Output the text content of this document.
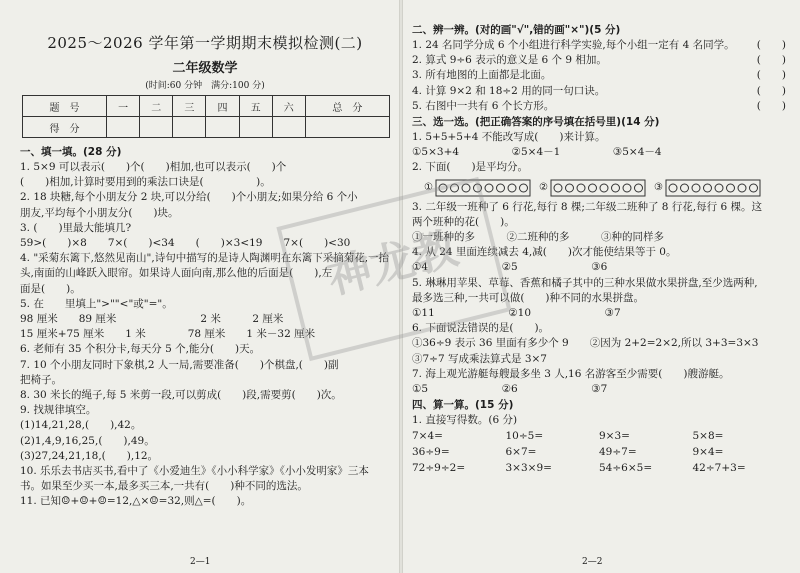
2025～2026 学年第一学期期末模拟检测(二)
二年级数学
(时间:60 分钟　满分:100 分)
题　号	一	二	三	四	五	六	总　分
得　分							
一、填一填。(28 分)
1. 5×9 可以表示(　　)个(　　)相加,也可以表示(　　)个
(　　)相加,计算时要用到的乘法口诀是(　　　　　)。
2. 18 块糖,每个小朋友分 2 块,可以分给(　　)个小朋友;如果分给 6 个小
朋友,平均每个小朋友分(　　)块。
3. (　　)里最大能填几?
59>(　　)×8　　7×(　　)<34　　(　　)×3<19　　7×(　　)<30
4. "采菊东篱下,悠然见南山",诗句中描写的是诗人陶渊明在东篱下采摘菊花,一抬
头,南面的山峰跃入眼帘。如果诗人面向南,那么他的后面是(　　),左
面是(　　)。
5. 在　　里填上">""<"或"="。
98 厘米　　89 厘米　　　　　　　　2 米　　　2 厘米
15 厘米+75 厘米　　1 米　　　　78 厘米　　1 米－32 厘米
6. 老师有 35 个积分卡,每天分 5 个,能分(　　)天。
7. 10 个小朋友同时下象棋,2 人一局,需要准备(　　)个棋盘,(　　)副
把椅子。
8. 30 米长的绳子,每 5 米剪一段,可以剪成(　　)段,需要剪(　　)次。
9. 找规律填空。
(1)14,21,28,(　　),42。
(2)1,4,9,16,25,(　　),49。
(3)27,24,21,18,(　　),12。
10. 乐乐去书店买书,看中了《小爱迪生》《小小科学家》《小小发明家》三本
书。如果至少买一本,最多买三本,一共有(　　)种不同的选法。
11. 已知☺+☺+☺=12,△×☺=32,则△=(　　)。
2—1
二、辨一辨。(对的画"√",错的画"×")(5 分)
1. 24 名同学分成 6 个小组进行科学实验,每个小组一定有 4 名同学。 (　　)
2. 算式 9÷6 表示的意义是 6 个 9 相加。	(　　)
3. 所有地图的上面都是北面。	(　　)
4. 计算 9×2 和 18÷2 用的同一句口诀。	(　　)
5. 右图中一共有 6 个长方形。	(　　)
三、选一选。(把正确答案的序号填在括号里)(14 分)
1. 5+5+5+4 不能改写成(　　)来计算。
①5×3+4　　　　　②5×4－1　　　　　③5×4－4
2. 下面(　　)是平均分。
①	②	③
3. 二年级一班种了 6 行花,每行 8 棵;二年级二班种了 8 行花,每行 6 棵。这
两个班种的花(　　)。
①一班种的多　　　②二班种的多　　　③种的同样多
4. 从 24 里面连续减去 4,减(　　)次才能使结果等于 0。
①4　　　　　　　②5　　　　　　　③6
5. 琳琳用苹果、草莓、香蕉和橘子其中的三种水果做水果拼盘,至少选两种,
最多选三种,一共可以做(　　)种不同的水果拼盘。
①11　　　　　　　②10　　　　　　　③7
6. 下面说法错误的是(　　)。
①36÷9 表示 36 里面有多少个 9　　②因为 2+2=2×2,所以 3+3=3×3
③7÷7 写成乘法算式是 3×7
7. 海上观光游艇每艘最多坐 3 人,16 名游客至少需要(　　)艘游艇。
①5　　　　　　　②6　　　　　　　③7
四、算一算。(15 分)
1. 直接写得数。(6 分)
7×4=	10÷5=	9×3=	5×8=
36÷9=	6×7=	49÷7=	9×4=
72÷9÷2=	3×3×9=	54÷6×5=	42÷7+3=
2—2
神龙教
